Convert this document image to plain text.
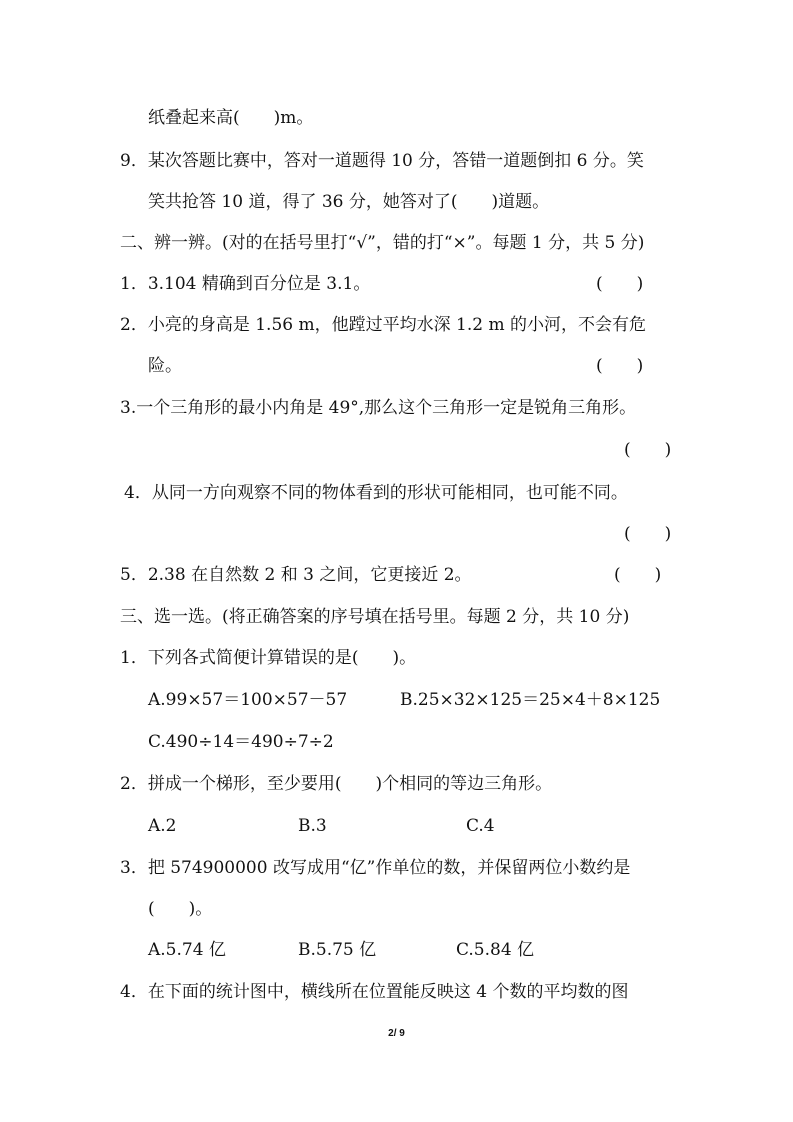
纸叠起来高(　　)m。
9．某次答题比赛中，答对一道题得 10 分，答错一道题倒扣 6 分。笑
笑共抢答 10 道，得了 36 分，她答对了(　　)道题。
二、辨一辨。(对的在括号里打“√”，错的打“×”。每题 1 分，共 5 分)
1．3.104 精确到百分位是 3.1。	(　　)
2．小亮的身高是 1.56 m，他蹚过平均水深 1.2 m 的小河，不会有危
险。	(　　)
3.一个三角形的最小内角是 49°,那么这个三角形一定是锐角三角形。
(　　)
4．从同一方向观察不同的物体看到的形状可能相同，也可能不同。
(　　)
5．2.38 在自然数 2 和 3 之间，它更接近 2。	(　　)
三、选一选。(将正确答案的序号填在括号里。每题 2 分，共 10 分)
1．下列各式简便计算错误的是(　　)。
A.99×57＝100×57－57	B.25×32×125＝25×4＋8×125
C.490÷14＝490÷7÷2
2．拼成一个梯形，至少要用(　　)个相同的等边三角形。
A.2	B.3	C.4
3．把 574900000 改写成用“亿”作单位的数，并保留两位小数约是
(　　)。
A.5.74 亿	B.5.75 亿	C.5.84 亿
4．在下面的统计图中，横线所在位置能反映这 4 个数的平均数的图
2/ 9
